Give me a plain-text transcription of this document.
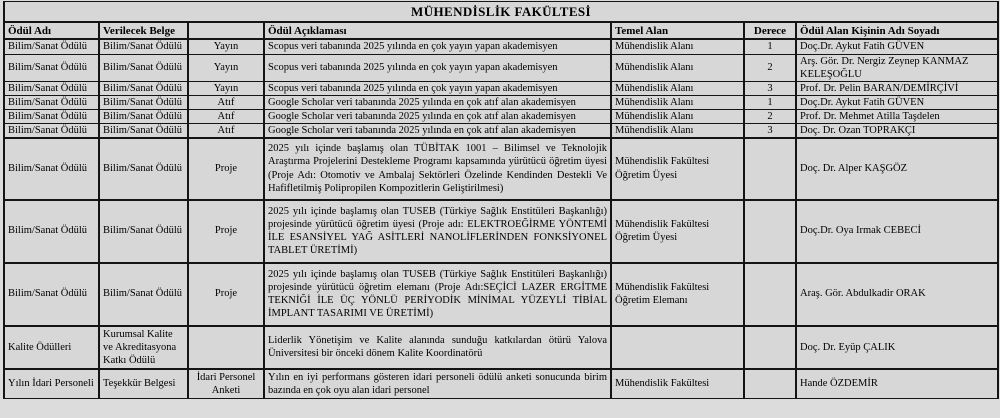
MÜHENDİSLİK FAKÜLTESİ						
Ödül Adı	Verilecek Belge		Ödül Açıklaması	Temel Alan	Derece	Ödül Alan Kişinin Adı Soyadı
Bilim/Sanat Ödülü	Bilim/Sanat Ödülü	Yayın	Scopus veri tabanında 2025 yılında en çok yayın yapan akademisyen	Mühendislik Alanı	1	Doç.Dr. Aykut Fatih GÜVEN
Bilim/Sanat Ödülü	Bilim/Sanat Ödülü	Yayın	Scopus veri tabanında 2025 yılında en çok yayın yapan akademisyen	Mühendislik Alanı	2	Arş. Gör. Dr. Nergiz Zeynep KANMAZ KELEŞOĞLU
Bilim/Sanat Ödülü	Bilim/Sanat Ödülü	Yayın	Scopus veri tabanında 2025 yılında en çok yayın yapan akademisyen	Mühendislik Alanı	3	Prof. Dr. Pelin BARAN/DEMİRÇİVİ
Bilim/Sanat Ödülü	Bilim/Sanat Ödülü	Atıf	Google Scholar veri tabanında 2025 yılında en çok atıf alan akademisyen	Mühendislik Alanı	1	Doç.Dr. Aykut Fatih GÜVEN
Bilim/Sanat Ödülü	Bilim/Sanat Ödülü	Atıf	Google Scholar veri tabanında 2025 yılında en çok atıf alan akademisyen	Mühendislik Alanı	2	Prof. Dr. Mehmet Atilla Taşdelen
Bilim/Sanat Ödülü	Bilim/Sanat Ödülü	Atıf	Google Scholar veri tabanında 2025 yılında en çok atıf alan akademisyen	Mühendislik Alanı	3	Doç. Dr. Ozan TOPRAKÇI
Bilim/Sanat Ödülü	Bilim/Sanat Ödülü	Proje	2025 yılı içinde başlamış olan TÜBİTAK 1001 – Bilimsel ve Teknolojik Araştırma Projelerini Destekleme Programı kapsamında yürütücü öğretim üyesi (Proje Adı: Otomotiv ve Ambalaj Sektörleri Özelinde Kendinden Destekli Ve Hafifletilmiş Polipropilen Kompozitlerin Geliştirilmesi)	Mühendislik Fakültesi Öğretim Üyesi		Doç. Dr. Alper KAŞGÖZ
Bilim/Sanat Ödülü	Bilim/Sanat Ödülü	Proje	2025 yılı içinde başlamış olan TUSEB (Türkiye Sağlık Enstitüleri Başkanlığı) projesinde yürütücü öğretim üyesi (Proje adı: ELEKTROEĞİRME YÖNTEMİ İLE ESANSİYEL YAĞ ASİTLERİ NANOLİFLERİNDEN FONKSİYONEL TABLET ÜRETİMİ)	Mühendislik Fakültesi Öğretim Üyesi		Doç.Dr. Oya Irmak CEBECİ
Bilim/Sanat Ödülü	Bilim/Sanat Ödülü	Proje	2025 yılı içinde başlamış olan TUSEB (Türkiye Sağlık Enstitüleri Başkanlığı) projesinde yürütücü öğretim elemanı (Proje Adı:SEÇİCİ LAZER ERGİTME TEKNİĞİ İLE ÜÇ YÖNLÜ PERİYODİK MİNİMAL YÜZEYLİ TİBİAL İMPLANT TASARIMI VE ÜRETİMİ)	Mühendislik Fakültesi Öğretim Elemanı		Araş. Gör. Abdulkadir ORAK
Kalite Ödülleri	Kurumsal Kalite ve Akreditasyona Katkı Ödülü		Liderlik Yönetişim ve Kalite alanında sunduğu katkılardan ötürü Yalova Üniversitesi bir önceki dönem Kalite Koordinatörü			Doç. Dr. Eyüp ÇALIK
Yılın İdari Personeli	Teşekkür Belgesi	İdari Personel Anketi	Yılın en iyi performans gösteren idari personeli ödülü anketi sonucunda birim bazında en çok oyu alan idari personel	Mühendislik Fakültesi		Hande ÖZDEMİR
